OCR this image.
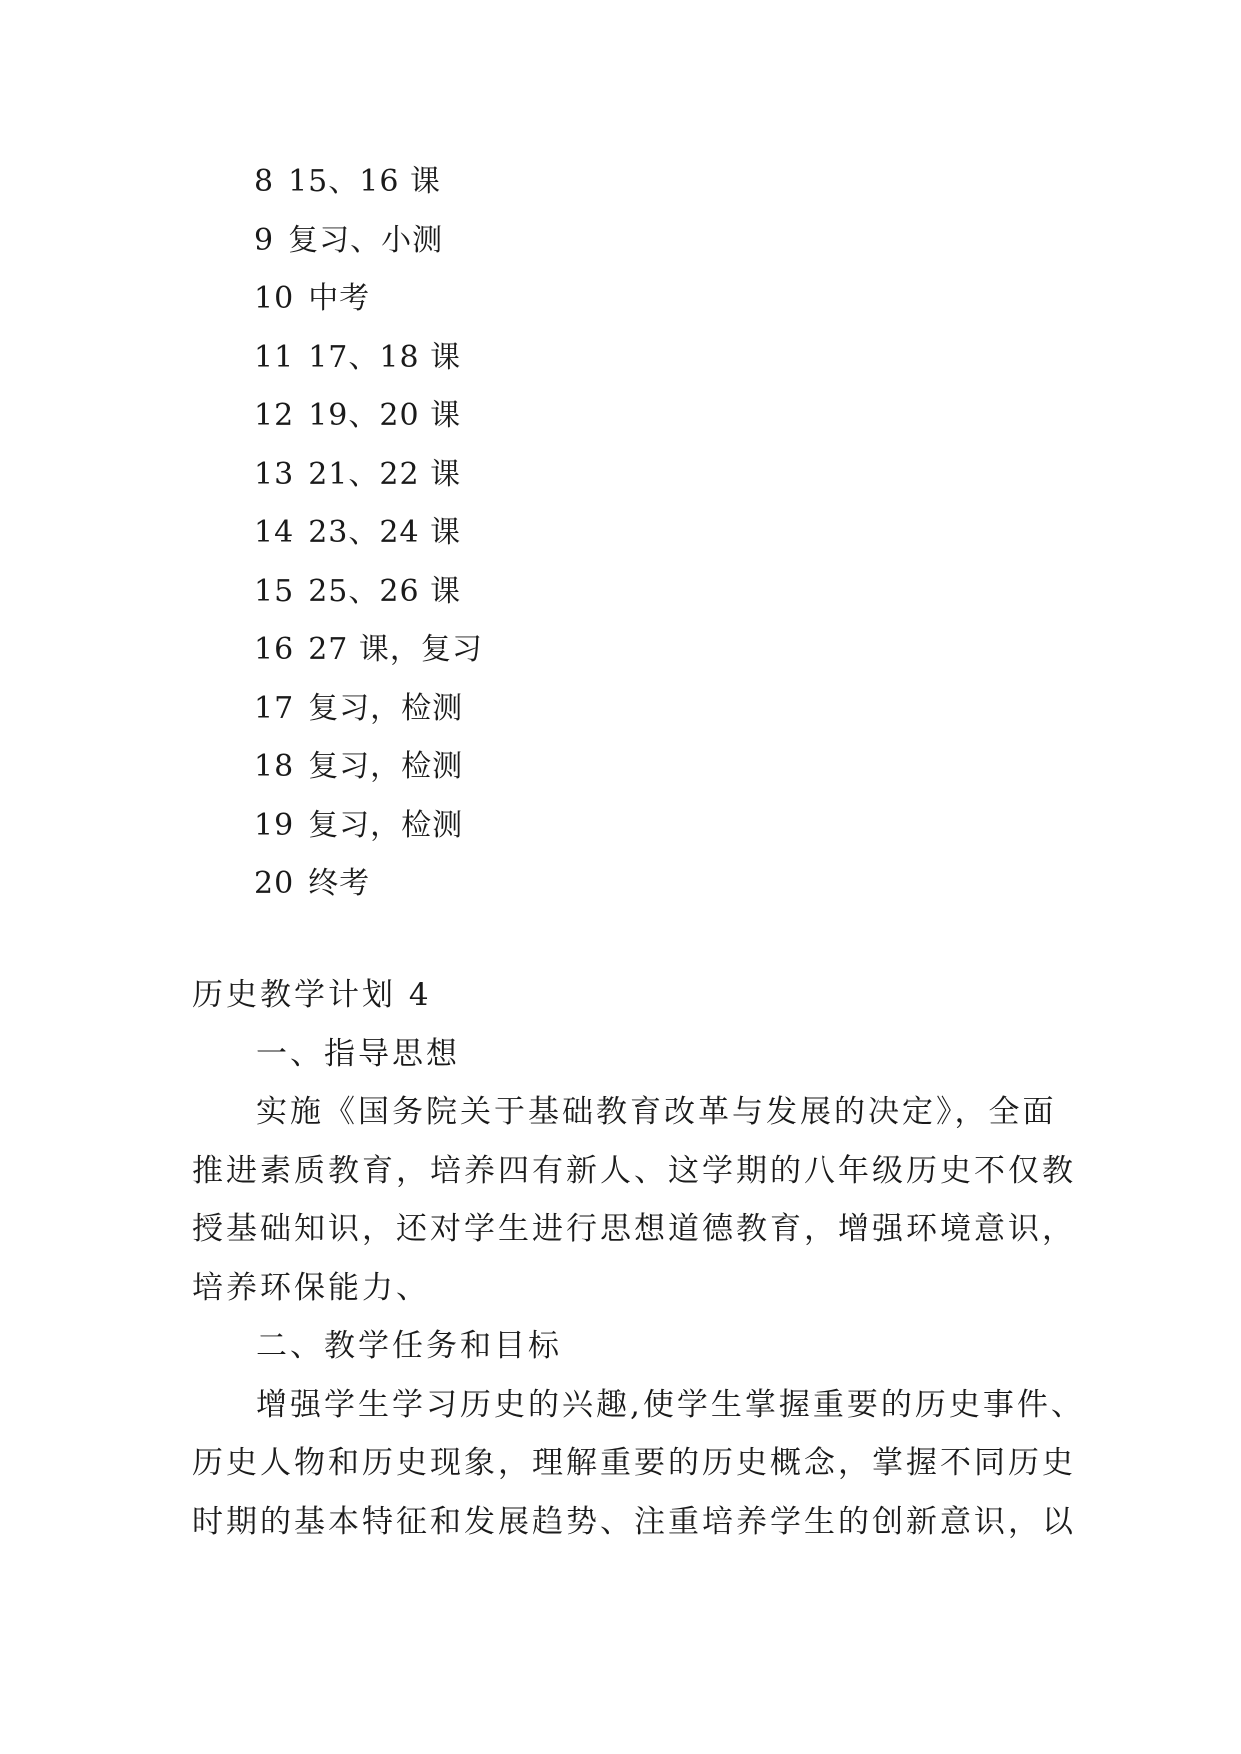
8 15、16 课
9 复习、小测
10 中考
11 17、18 课
12 19、20 课
13 21、22 课
14 23、24 课
15 25、26 课
16 27 课，复习
17 复习，检测
18 复习，检测
19 复习，检测
20 终考
历史教学计划 4
一、指导思想
实施《国务院关于基础教育改革与发展的决定》，全面
推进素质教育，培养四有新人、这学期的八年级历史不仅教
授基础知识，还对学生进行思想道德教育，增强环境意识，
培养环保能力、
二、教学任务和目标
增强学生学习历史的兴趣,使学生掌握重要的历史事件、
历史人物和历史现象，理解重要的历史概念，掌握不同历史
时期的基本特征和发展趋势、注重培养学生的创新意识，以
